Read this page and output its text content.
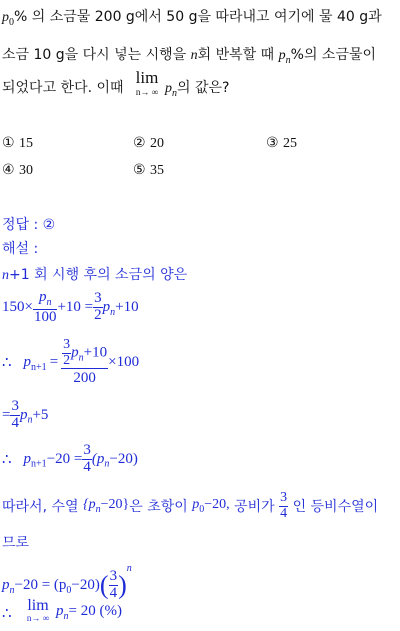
$p_0\%$ 의 소금물 200 g에서 50 g을 따라내고 여기에 물 40 g과
소금 10 g을 다시 넣는 시행을 n회 반복할 때 $p_n\%$의 소금물이
되었다고 한다. 이때
lim
n→ ∞ $p_n$의 값은?
① 15	② 20	③ 25
④ 30	⑤ 35
정답 : ②
해설 :
n+1 회 시행 후의 소금의 양은
$150\times \frac{p_n}{100} +10 = \frac{3}{2} p_n+10$
∴ $p_{n+1} = \frac{\frac{3}{2} p_n+10}{200} \times 100$
= $\frac{3}{4} p_n+5$
∴ $p_{n+1}-20 = \frac{3}{4} (p_n-20)$
따라서, 수열 $\{p_n-20\}$은 초항이 $p_0-20$, 공비가 $\frac{3}{4}$ 인 등비수열이
므로
$p_n-20 = (p_0-20)( \frac{3}{4} )^n$
∴ lim
n→ ∞ $p_n= 20$ (%)
